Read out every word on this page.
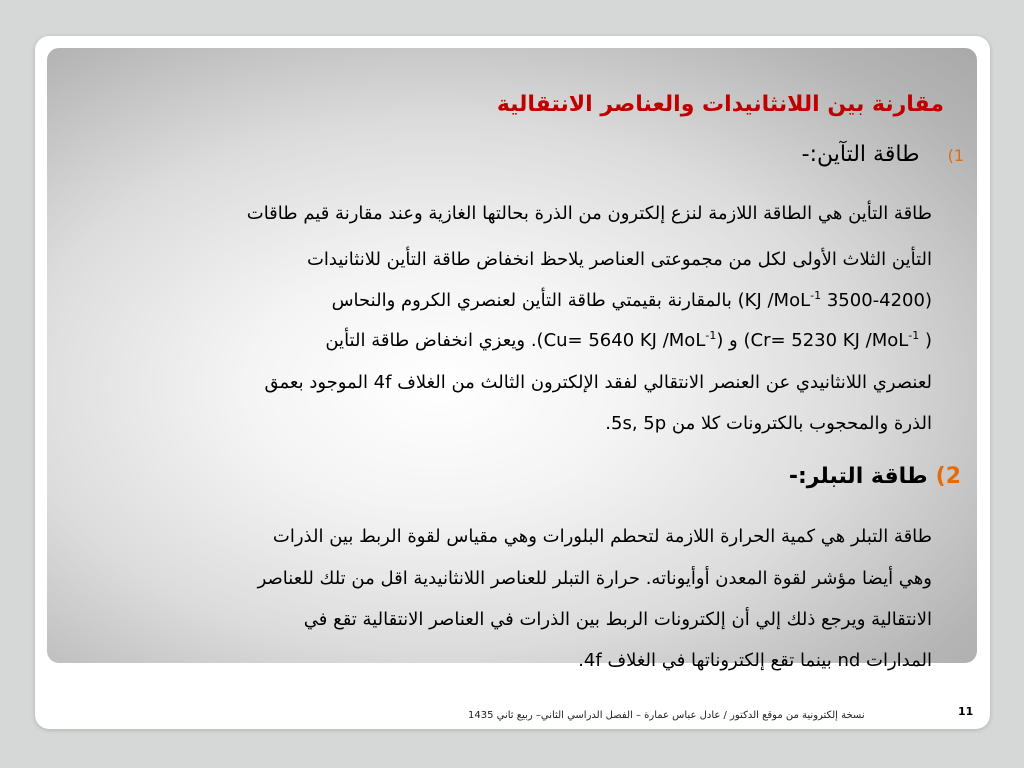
مقارنة بين اللانثانيدات والعناصر الانتقالية
1)طاقة التآين:-
طاقة التأين هي الطاقة اللازمة لنزع إلكترون من الذرة بحالتها الغازية وعند مقارنة قيم طاقات
التأين الثلاث الأولى لكل من مجموعتى العناصر يلاحظ انخفاض طاقة التأين للانثانيدات
(3500-4200 KJ /MoL$^{-1}$) بالمقارنة بقيمتي طاقة التأين لعنصري الكروم والنحاس
( Cr= 5230 KJ /MoL$^{-1}$) و (Cu= 5640 KJ /MoL$^{-1}$). ويعزي انخفاض طاقة التأين
لعنصري اللانثانيدي عن العنصر الانتقالي لفقد الإلكترون الثالث من الغلاف 4f الموجود بعمق
الذرة والمحجوب بالكترونات كلا من 5s, 5p.
2)طاقة التبلر:-
طاقة التبلر هي كمية الحرارة اللازمة لتحطم البلورات وهي مقياس لقوة الربط بين الذرات
وهي أيضا مؤشر لقوة المعدن أوأيوناته. حرارة التبلر للعناصر اللانثانيدية اقل من تلك للعناصر
الانتقالية ويرجع ذلك إلي أن إلكترونات الربط بين الذرات في العناصر الانتقالية تقع في
المدارات nd بينما تقع إلكتروناتها في الغلاف 4f.
نسخة إلكترونية من موقع الدكتور / عادل عباس عمارة – الفصل الدراسي الثاني– ربيع ثاني 1435	11
